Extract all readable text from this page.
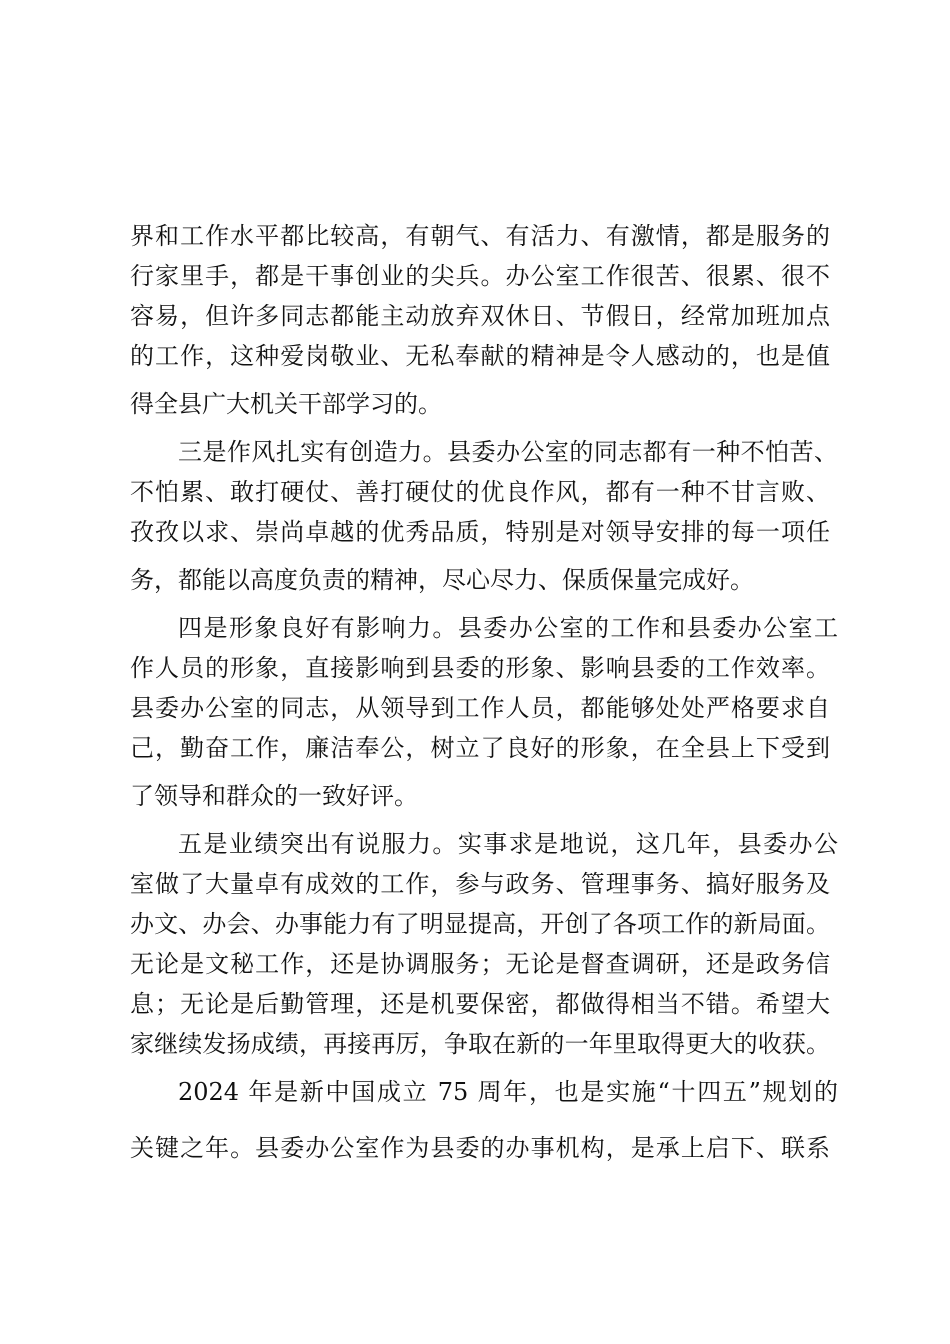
界和工作水平都比较高，有朝气、有活力、有激情，都是服务的
行家里手，都是干事创业的尖兵。办公室工作很苦、很累、很不
容易，但许多同志都能主动放弃双休日、节假日，经常加班加点
的工作，这种爱岗敬业、无私奉献的精神是令人感动的，也是值
得全县广大机关干部学习的。
三是作风扎实有创造力。县委办公室的同志都有一种不怕苦、
不怕累、敢打硬仗、善打硬仗的优良作风，都有一种不甘言败、
孜孜以求、崇尚卓越的优秀品质，特别是对领导安排的每一项任
务，都能以高度负责的精神，尽心尽力、保质保量完成好。
四是形象良好有影响力。县委办公室的工作和县委办公室工
作人员的形象，直接影响到县委的形象、影响县委的工作效率。
县委办公室的同志，从领导到工作人员，都能够处处严格要求自
己，勤奋工作，廉洁奉公，树立了良好的形象，在全县上下受到
了领导和群众的一致好评。
五是业绩突出有说服力。实事求是地说，这几年，县委办公
室做了大量卓有成效的工作，参与政务、管理事务、搞好服务及
办文、办会、办事能力有了明显提高，开创了各项工作的新局面。
无论是文秘工作，还是协调服务；无论是督查调研，还是政务信
息；无论是后勤管理，还是机要保密，都做得相当不错。希望大
家继续发扬成绩，再接再厉，争取在新的一年里取得更大的收获。
2024 年是新中国成立 75 周年，也是实施“十四五”规划的
关键之年。县委办公室作为县委的办事机构，是承上启下、联系
